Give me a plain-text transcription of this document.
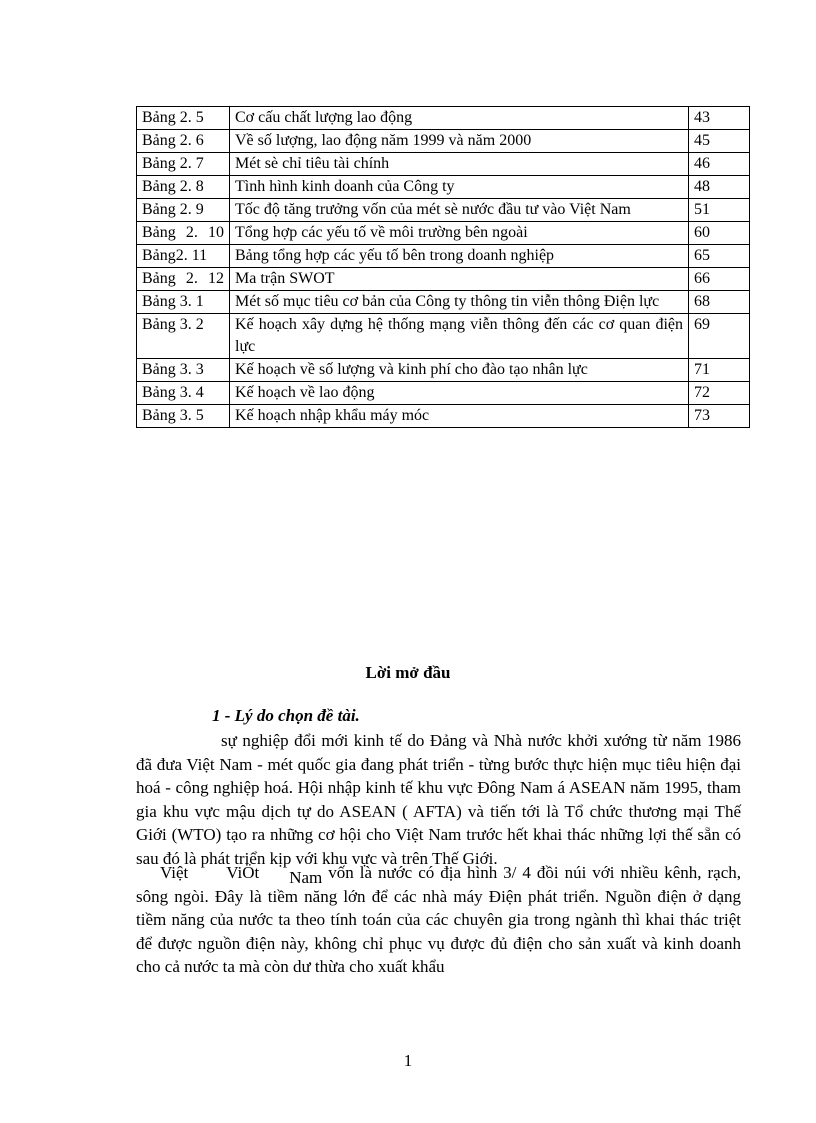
Bảng 2. 5	Cơ cấu chất lượng lao động	43
Bảng 2. 6	Về số lượng, lao động năm 1999 và năm 2000	45
Bảng 2. 7	Mét sè chỉ tiêu tài chính	46
Bảng 2. 8	Tình hình kinh doanh của Công ty	48
Bảng 2. 9	Tốc độ tăng trưởng vốn của mét sè nước đầu tư vào Việt Nam	51
Bảng 2. 10	Tổng hợp các yếu tố về môi trường bên ngoài	60
Bảng2. 11	Bảng tổng hợp các yếu tố bên trong doanh nghiệp	65
Bảng 2. 12	Ma trận SWOT	66
Bảng 3. 1	Mét số mục tiêu cơ bản của Công ty thông tin viễn thông Điện lực	68
Bảng 3. 2	Kế hoạch xây dựng hệ thống mạng viễn thông đến các cơ quan điện lực	69
Bảng 3. 3	Kế hoạch về số lượng và kinh phí cho đào tạo nhân lực	71
Bảng 3. 4	Kế hoạch về lao động	72
Bảng 3. 5	Kế hoạch nhập khẩu máy móc	73
Lời mở đầu
1 - Lý do chọn đề tài.

sự nghiệp đổi mới kinh tế do Đảng và Nhà nước khởi xướng từ năm 1986 đã đưa Việt Nam - mét quốc gia đang phát triển - từng bước thực hiện mục tiêu hiện đại hoá - công nghiệp hoá. Hội nhập kinh tế khu vực Đông Nam á ASEAN năm 1995, tham gia khu vực mậu dịch tự do ASEAN ( AFTA) và tiến tới là Tổ chức thương mại Thế Giới (WTO) tạo ra những cơ hội cho Việt Nam trước hết khai thác những lợi thế sẵn có sau đó là phát triển kịp với khu vực và trên Thế Giới.

Việt ViÖt Nam vốn là nước có địa hình 3/ 4 đồi núi với nhiều kênh, rạch, sông ngòi. Đây là tiềm năng lớn để các nhà máy Điện phát triển. Nguồn điện ở dạng tiềm năng của nước ta theo tính toán của các chuyên gia trong ngành thì khai thác triệt để được nguồn điện này, không chỉ phục vụ được đủ điện cho sản xuất và kinh doanh cho cả nước ta mà còn dư thừa cho xuất khẩu

1
